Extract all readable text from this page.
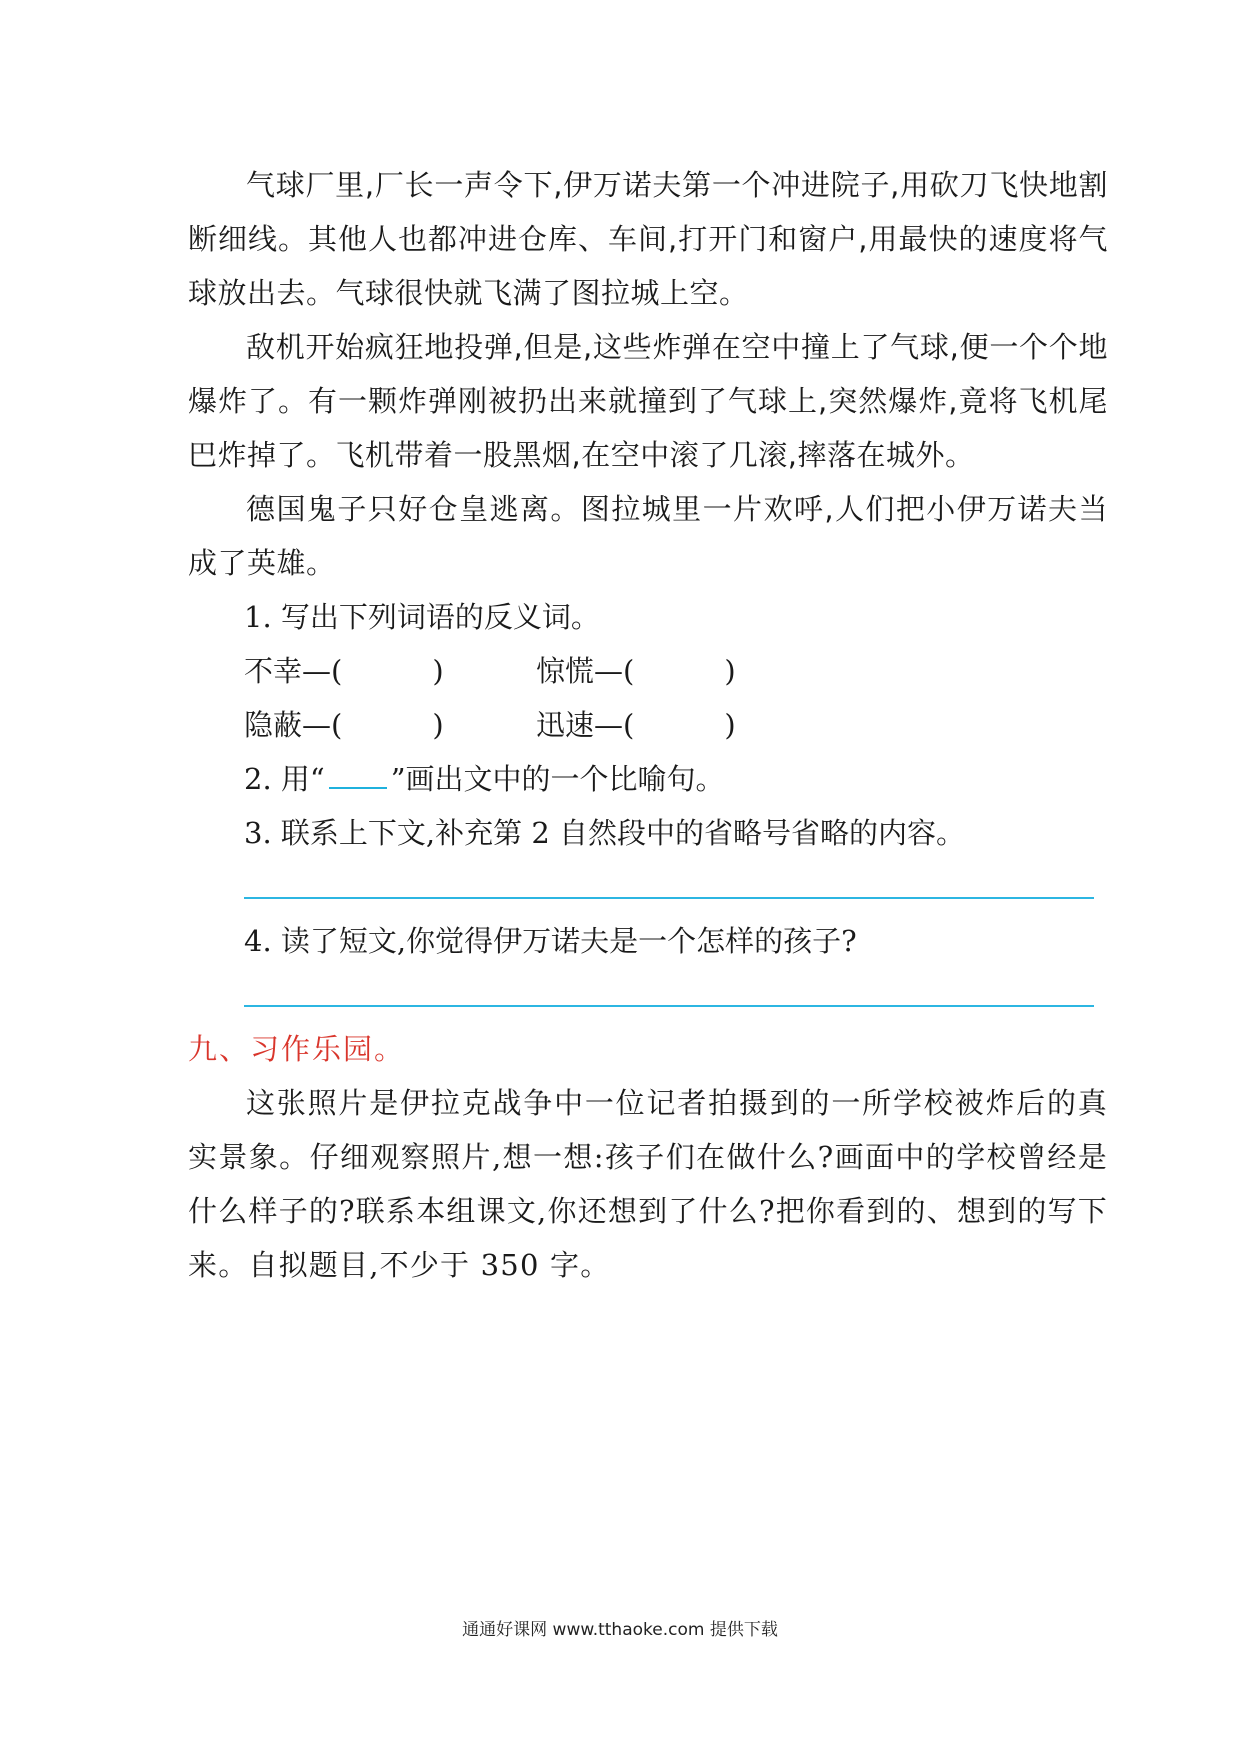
气球厂里,厂长一声令下,伊万诺夫第一个冲进院子,用砍刀飞快地割断细线。其他人也都冲进仓库、车间,打开门和窗户,用最快的速度将气球放出去。气球很快就飞满了图拉城上空。

敌机开始疯狂地投弹,但是,这些炸弹在空中撞上了气球,便一个个地爆炸了。有一颗炸弹刚被扔出来就撞到了气球上,突然爆炸,竟将飞机尾巴炸掉了。飞机带着一股黑烟,在空中滚了几滚,摔落在城外。

德国鬼子只好仓皇逃离。图拉城里一片欢呼,人们把小伊万诺夫当成了英雄。

1. 写出下列词语的反义词。
不幸—(	)	惊慌—(	)
隐蔽—(	)	迅速—(	)
2. 用“ ”画出文中的一个比喻句。
3. 联系上下文,补充第 2 自然段中的省略号省略的内容。
4. 读了短文,你觉得伊万诺夫是一个怎样的孩子?
九、习作乐园。

这张照片是伊拉克战争中一位记者拍摄到的一所学校被炸后的真实景象。仔细观察照片,想一想:孩子们在做什么?画面中的学校曾经是什么样子的?联系本组课文,你还想到了什么?把你看到的、想到的写下来。自拟题目,不少于 350 字。

通通好课网 www.tthaoke.com 提供下载
